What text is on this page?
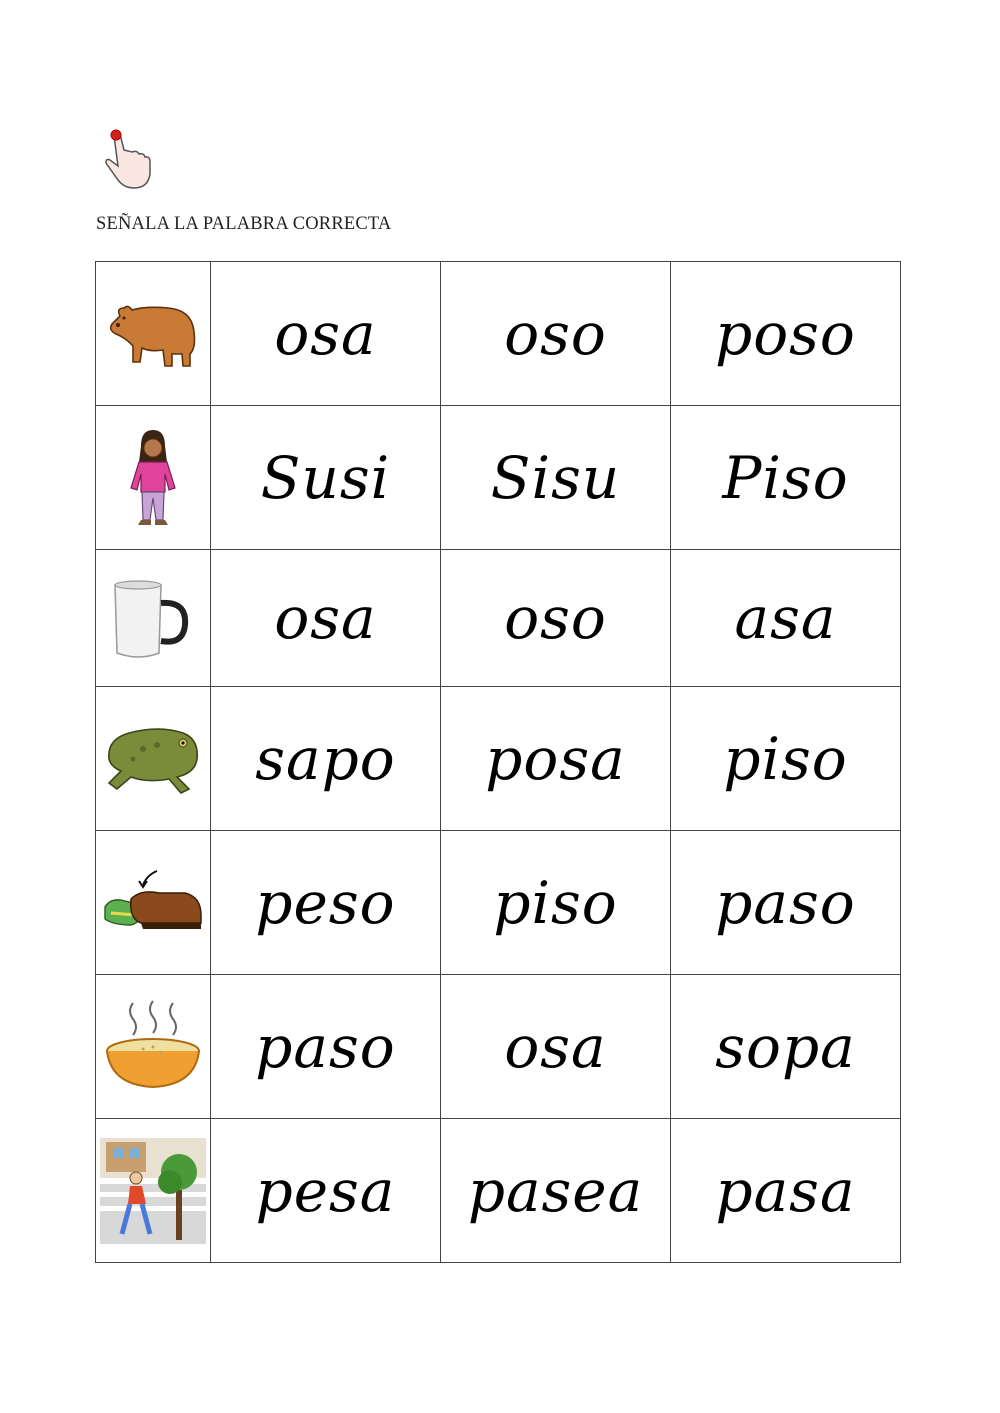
SEÑALA LA PALABRA CORRECTA
	osa	oso	poso

	Susi	Sisu	Piso

	osa	oso	asa

	sapo	posa	piso

	peso	piso	paso

	paso	osa	sopa

	pesa	pasea	pasa
